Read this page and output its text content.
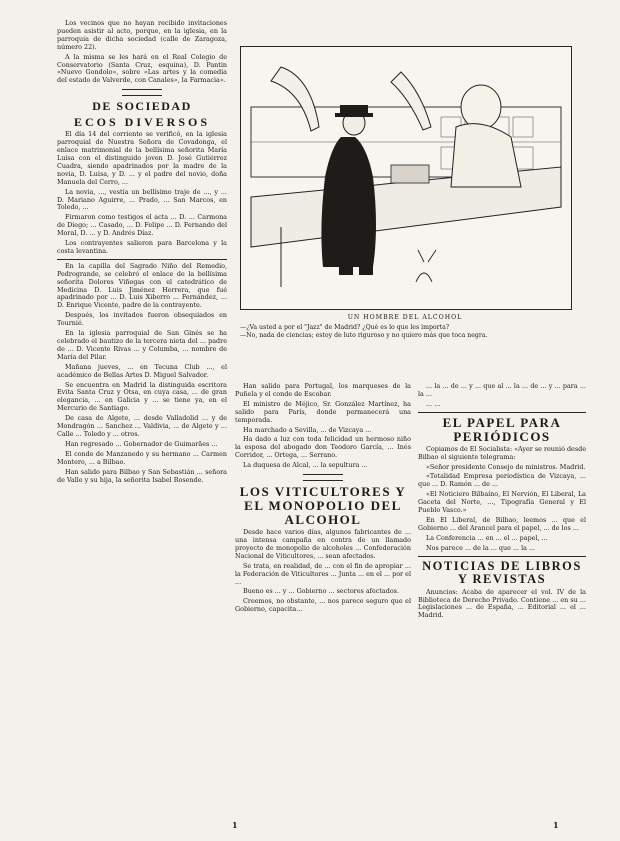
Los vecinos que no hayan recibido invitaciones pueden asistir al acto, porque, en la iglesia, en la parroquia de dicha sociedad (calle de Zaragoza, número 22).

A la misma se les hará en el Real Colegio de Conservatorio (Santa Cruz, esquina), D. Pantin «Nuevo Gondolo», sobre «Las artes y la comedia del estado de Valverde, con Canales», la Farmacia».

DE SOCIEDAD
ECOS DIVERSOS

El día 14 del corriente se verificó, en la iglesia parroquial de Nuestra Señora de Covadonga, el enlace matrimonial de la bellísima señorita María Luisa con el distinguido joven D. José Gutiérrez Cuadra, siendo apadrinados por la madre de la novia, D. Luisa, y D. ... y el padre del novio, doña Manuela del Cerro, ...

La novia, ..., vestía un bellísimo traje de ..., y ... D. Mariano Aguirre, ... Prado, ... San Marcos, en Toledo, ...

Firmaron como testigos el acta ... D. ... Carmona de Diego; ... Casado, ... D. Felipe ... D. Fernando del Moral, D. ... y D. Andrés Díaz.

Los contrayentes salieron para Barcelona y la costa levantina.

En la capilla del Sagrado Niño del Remedio, Pedrogrande, se celebró el enlace de la bellísima señorita Dolores Viñegas con el catedrático de Medicina D. Luis Jiménez Herrera, que fué apadrinado por ... D. Luis Xiberro ... Fernández, ... D. Enrique Vicente, padre de la contrayente.

Después, los invitados fueron obsequiados en Tournié.

En la iglesia parroquial de San Ginés se ha celebrado el bautizo de la tercera nieta del ... padre de ... D. Vicente Rivas ... y Columba, ... nombre de María del Pilar.

Mañana jueves, ... en Tecuna Club ..., el académico de Bellas Artes D. Miguel Salvador.

Se encuentra en Madrid la distinguida escritora Evita Santa Cruz y Otsa, en cuya casa, ... de gran elegancia, ... en Galicia y ... se tiene ya, en el Mercurio de Santiago.

De casa de Algete, ... desde Valladolid ... y de Mondragón ... Sanchez ... Valdivia, ... de Algete y ... Calle ... Toledo y ... otros.

Han regresado ... Gobernador de Guimarães ...

El conde de Manzanedo y su hermano ... Carmen Montero, ... a Bilbao.

Han salido para Bilbao y San Sebastián ... señora de Valle y su hija, la señorita Isabel Rosende.

UN HOMBRE DEL ALCOHOL
—¿Va usted a por el "Jazz" de Madrid? ¿Qué es lo que les importa?
—No, nada de ciencias; estoy de luto riguroso y no quiero más que toca negra.

Han salido para Portugal, los marqueses de la Puñela y el conde de Escobar.

El ministro de Méjico, Sr. González Martínez, ha salido para París, donde permanecerá una temporada.

Ha marchado a Sevilla, ... de Vizcaya ...

Ha dado a luz con toda felicidad un hermoso niño la esposa del abogado don Teodoro García, ... Inés Corridor, ... Ortega, ... Serrano.

La duquesa de Alcal, ... la sepultura ...

LOS VITICULTORES Y EL MONOPOLIO DEL ALCOHOL

Desde hace varios días, algunos fabricantes de ... una intensa campaña en contra de un llamado proyecto de monopolio de alcoholes ... Confederación Nacional de Viticultores, ... sean afectados.

Se trata, en realidad, de ... con el fin de apropiar ... la Federación de Viticultores ... Junta ... en el ... por el ...

Bueno es ... y ... Gobierno ... sectores afectados.

Creemos, no obstante, ... nos parece seguro que el Gobierno, capacita...

... la ... de ... y ... que al ... la ... de ... y ... para ... la ...

... ...

EL PAPEL PARA PERIÓDICOS

Copiamos de El Socialista: «Ayer se reunió desde Bilbao el siguiente telegrama:

«Señor presidente Consejo de ministros. Madrid.

«Totalidad Empresa periodística de Vizcaya, ... que ... D. Ramón ... de ...

«El Noticiero Bilbaíno, El Nervión, El Liberal, La Gaceta del Norte, ..., Tipografía General y El Pueblo Vasco.»

En El Liberal, de Bilbao, leemos ... que el Gobierno ... del Arancel para el papel, ... de los ...

La Conferencia ... en ... el ... papel, ...

Nos parece ... de la ... que ... la ...

NOTICIAS DE LIBROS Y REVISTAS

Anuncios: Acaba de aparecer el vol. IV de la Biblioteca de Derecho Privado. Contiene ... en su ... Legislaciones ... de España, ... Editorial ... el ... Madrid.

1	1
